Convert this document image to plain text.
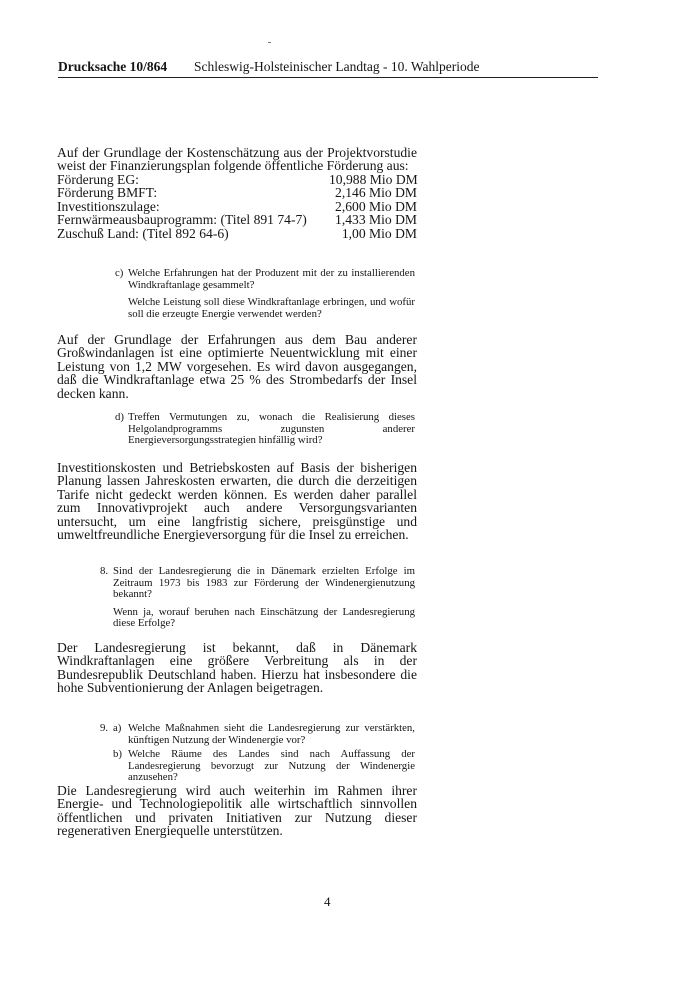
Drucksache 10/864 Schleswig-Holsteinischer Landtag - 10. Wahlperiode
Auf der Grundlage der Kostenschätzung aus der Projektvorstudie weist der Finanzierungsplan folgende öffentliche Förderung aus:
Förderung EG:	10,988 Mio DM
Förderung BMFT:	2,146 Mio DM
Investitionszulage:	2,600 Mio DM
Fernwärmeausbauprogramm: (Titel 891 74-7)	1,433 Mio DM
Zuschuß Land: (Titel 892 64-6)	1,00 Mio DM
c) Welche Erfahrungen hat der Produzent mit der zu installierenden Windkraftanlage gesammelt?
Welche Leistung soll diese Windkraftanlage erbringen, und wofür soll die erzeugte Energie verwendet werden?
Auf der Grundlage der Erfahrungen aus dem Bau anderer Großwindanlagen ist eine optimierte Neuentwicklung mit einer Leistung von 1,2 MW vorgesehen. Es wird davon ausgegangen, daß die Windkraftanlage etwa 25 % des Strombedarfs der Insel decken kann.
d) Treffen Vermutungen zu, wonach die Realisierung dieses Helgolandprogramms zugunsten anderer Energieversorgungsstrategien hinfällig wird?
Investitionskosten und Betriebskosten auf Basis der bisherigen Planung lassen Jahreskosten erwarten, die durch die derzeitigen Tarife nicht gedeckt werden können. Es werden daher parallel zum Innovativprojekt auch andere Versorgungsvarianten untersucht, um eine langfristig sichere, preisgünstige und umweltfreundliche Energieversorgung für die Insel zu erreichen.
8. Sind der Landesregierung die in Dänemark erzielten Erfolge im Zeitraum 1973 bis 1983 zur Förderung der Windenergienutzung bekannt?
Wenn ja, worauf beruhen nach Einschätzung der Landesregierung diese Erfolge?
Der Landesregierung ist bekannt, daß in Dänemark Windkraftanlagen eine größere Verbreitung als in der Bundesrepublik Deutschland haben. Hierzu hat insbesondere die hohe Subventionierung der Anlagen beigetragen.
9. a) Welche Maßnahmen sieht die Landesregierung zur verstärkten, künftigen Nutzung der Windenergie vor?
b) Welche Räume des Landes sind nach Auffassung der Landesregierung bevorzugt zur Nutzung der Windenergie anzusehen?
Die Landesregierung wird auch weiterhin im Rahmen ihrer Energie- und Technologiepolitik alle wirtschaftlich sinnvollen öffentlichen und privaten Initiativen zur Nutzung dieser regenerativen Energiequelle unterstützen.
4
